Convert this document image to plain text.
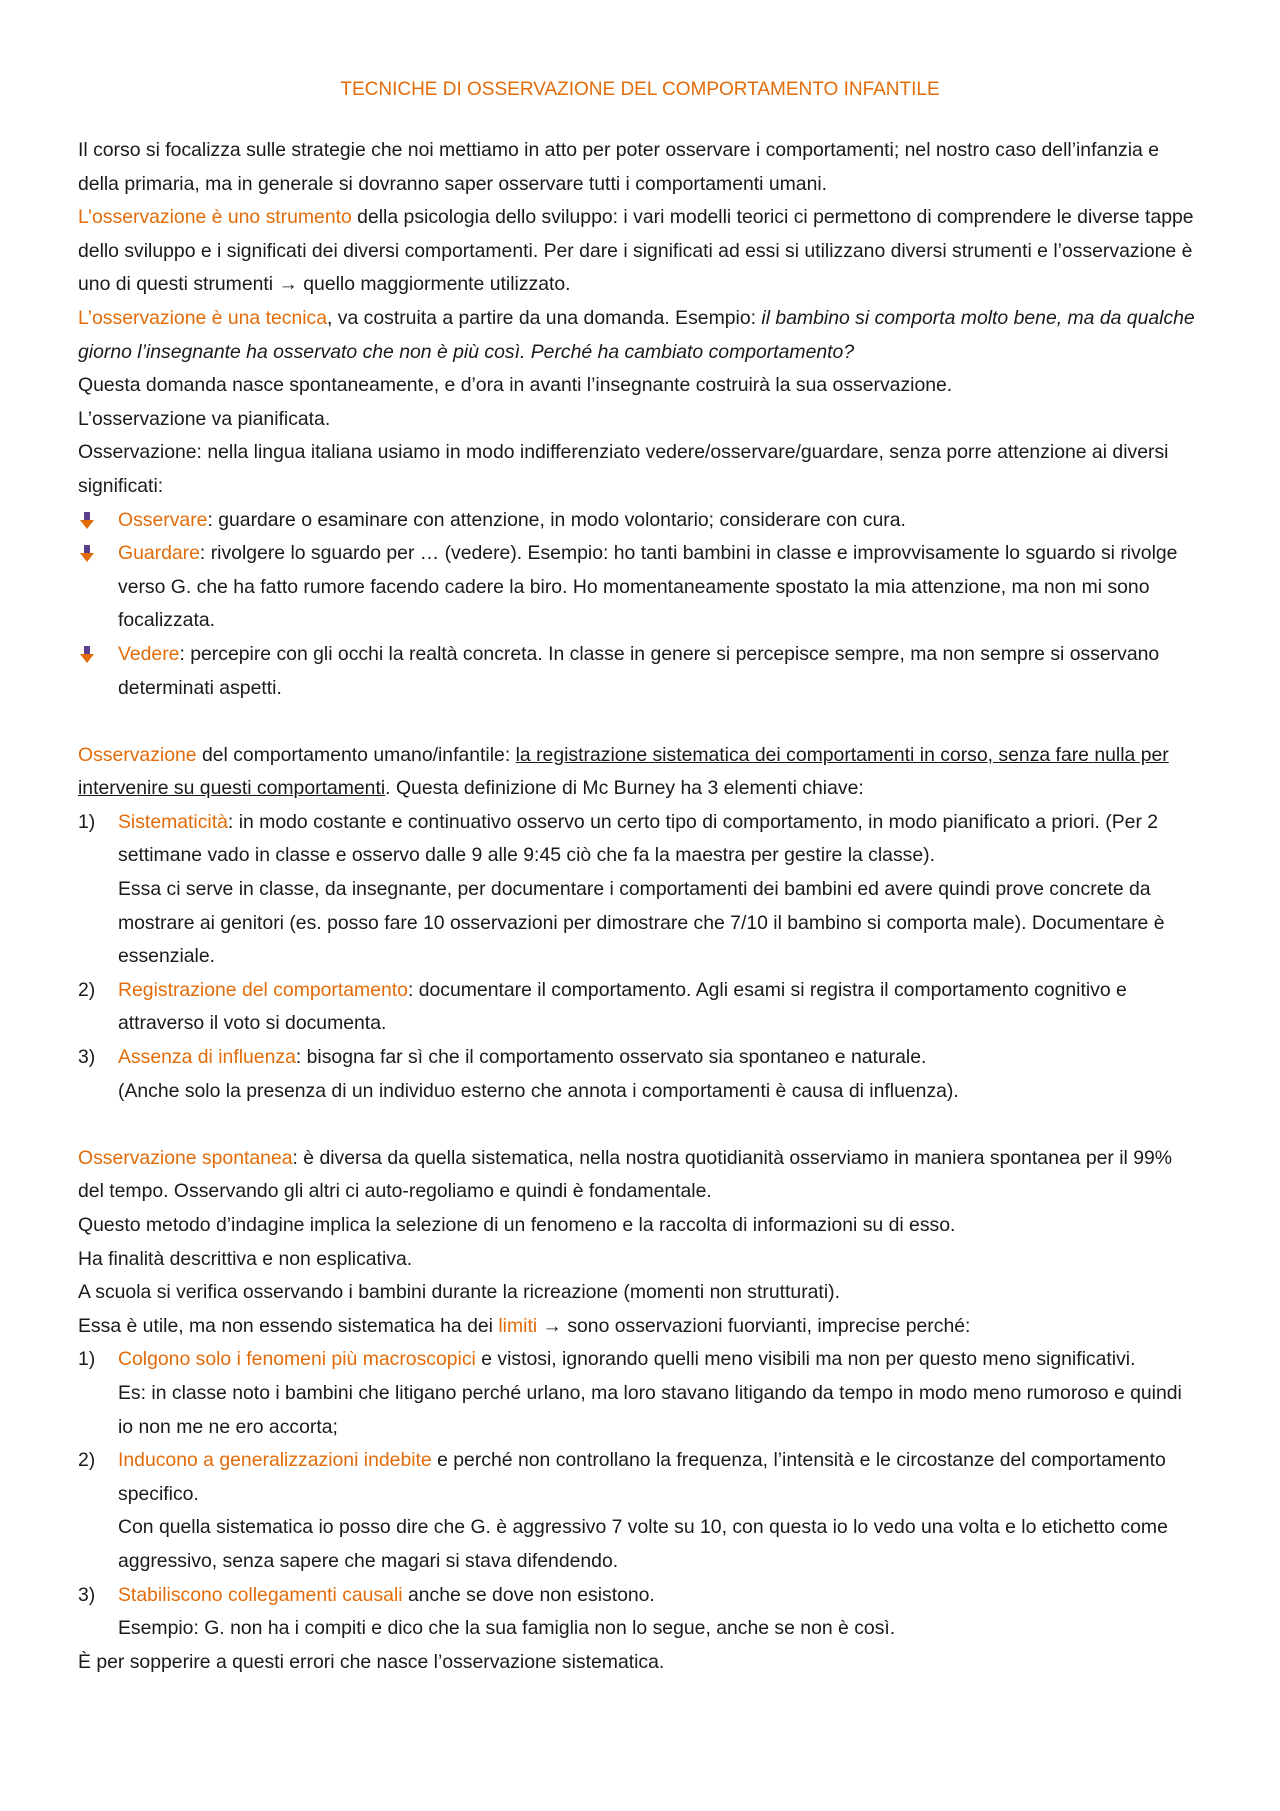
TECNICHE DI OSSERVAZIONE DEL COMPORTAMENTO INFANTILE

Il corso si focalizza sulle strategie che noi mettiamo in atto per poter osservare i comportamenti; nel nostro caso dell’infanzia e della primaria, ma in generale si dovranno saper osservare tutti i comportamenti umani.

L’osservazione è uno strumento della psicologia dello sviluppo: i vari modelli teorici ci permettono di comprendere le diverse tappe dello sviluppo e i significati dei diversi comportamenti. Per dare i significati ad essi si utilizzano diversi strumenti e l’osservazione è uno di questi strumenti → quello maggiormente utilizzato.

L’osservazione è una tecnica, va costruita a partire da una domanda. Esempio: il bambino si comporta molto bene, ma da qualche giorno l’insegnante ha osservato che non è più così. Perché ha cambiato comportamento?

Questa domanda nasce spontaneamente, e d’ora in avanti l’insegnante costruirà la sua osservazione.

L’osservazione va pianificata.

Osservazione: nella lingua italiana usiamo in modo indifferenziato vedere/osservare/guardare, senza porre attenzione ai diversi significati:

Osservare: guardare o esaminare con attenzione, in modo volontario; considerare con cura.
Guardare: rivolgere lo sguardo per … (vedere). Esempio: ho tanti bambini in classe e improvvisamente lo sguardo si rivolge verso G. che ha fatto rumore facendo cadere la biro. Ho momentaneamente spostato la mia attenzione, ma non mi sono focalizzata.
Vedere: percepire con gli occhi la realtà concreta. In classe in genere si percepisce sempre, ma non sempre si osservano determinati aspetti.

Osservazione del comportamento umano/infantile: la registrazione sistematica dei comportamenti in corso, senza fare nulla per intervenire su questi comportamenti. Questa definizione di Mc Burney ha 3 elementi chiave:

1)	Sistematicità: in modo costante e continuativo osservo un certo tipo di comportamento, in modo pianificato a priori. (Per 2 settimane vado in classe e osservo dalle 9 alle 9:45 ciò che fa la maestra per gestire la classe).

Essa ci serve in classe, da insegnante, per documentare i comportamenti dei bambini ed avere quindi prove concrete da mostrare ai genitori (es. posso fare 10 osservazioni per dimostrare che 7/10 il bambino si comporta male). Documentare è essenziale.

2)	Registrazione del comportamento: documentare il comportamento. Agli esami si registra il comportamento cognitivo e attraverso il voto si documenta.
3)	Assenza di influenza: bisogna far sì che il comportamento osservato sia spontaneo e naturale.

(Anche solo la presenza di un individuo esterno che annota i comportamenti è causa di influenza).

Osservazione spontanea: è diversa da quella sistematica, nella nostra quotidianità osserviamo in maniera spontanea per il 99% del tempo. Osservando gli altri ci auto-regoliamo e quindi è fondamentale.

Questo metodo d’indagine implica la selezione di un fenomeno e la raccolta di informazioni su di esso.

Ha finalità descrittiva e non esplicativa.

A scuola si verifica osservando i bambini durante la ricreazione (momenti non strutturati).

Essa è utile, ma non essendo sistematica ha dei limiti → sono osservazioni fuorvianti, imprecise perché:

1)	Colgono solo i fenomeni più macroscopici e vistosi, ignorando quelli meno visibili ma non per questo meno significativi.

Es: in classe noto i bambini che litigano perché urlano, ma loro stavano litigando da tempo in modo meno rumoroso e quindi io non me ne ero accorta;

2)	Inducono a generalizzazioni indebite e perché non controllano la frequenza, l’intensità e le circostanze del comportamento specifico.

Con quella sistematica io posso dire che G. è aggressivo 7 volte su 10, con questa io lo vedo una volta e lo etichetto come aggressivo, senza sapere che magari si stava difendendo.

3)	Stabiliscono collegamenti causali anche se dove non esistono.

Esempio: G. non ha i compiti e dico che la sua famiglia non lo segue, anche se non è così.

È per sopperire a questi errori che nasce l’osservazione sistematica.
